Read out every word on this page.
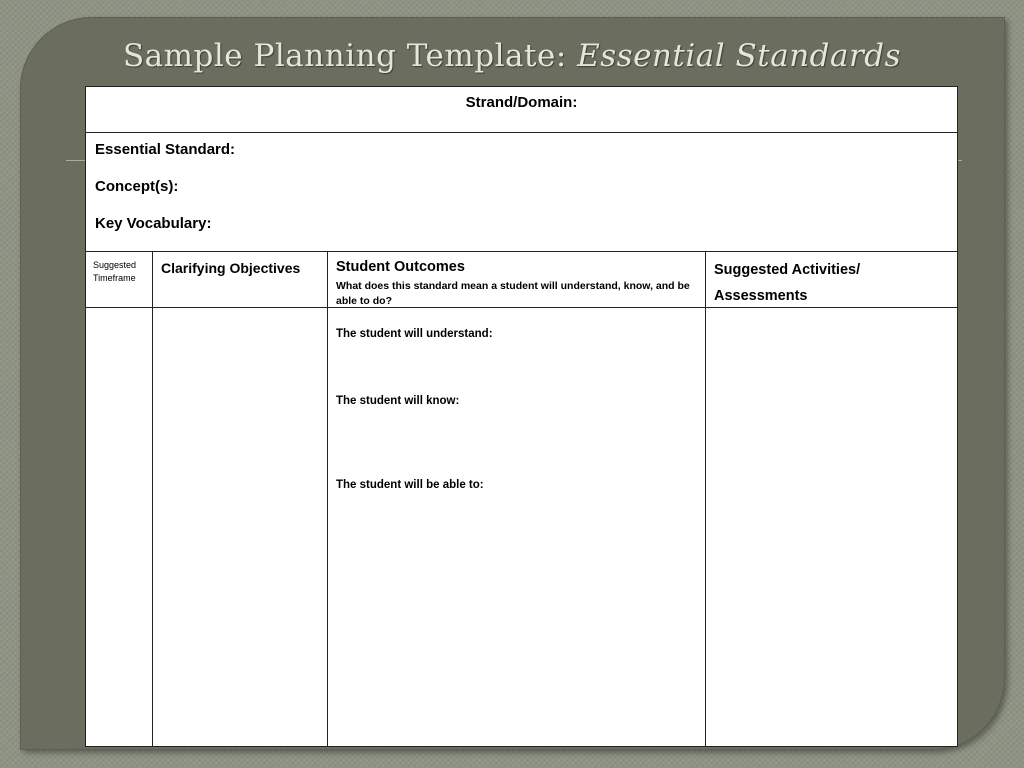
Sample Planning Template: Essential Standards
Strand/Domain:
Essential Standard:
Concept(s):
Key Vocabulary:
Suggested Timeframe
Clarifying Objectives	Student Outcomes
What does this standard mean a student will understand, know, and be able to do?
Suggested Activities/ Assessments
The student will understand:
The student will know:
The student will be able to:
